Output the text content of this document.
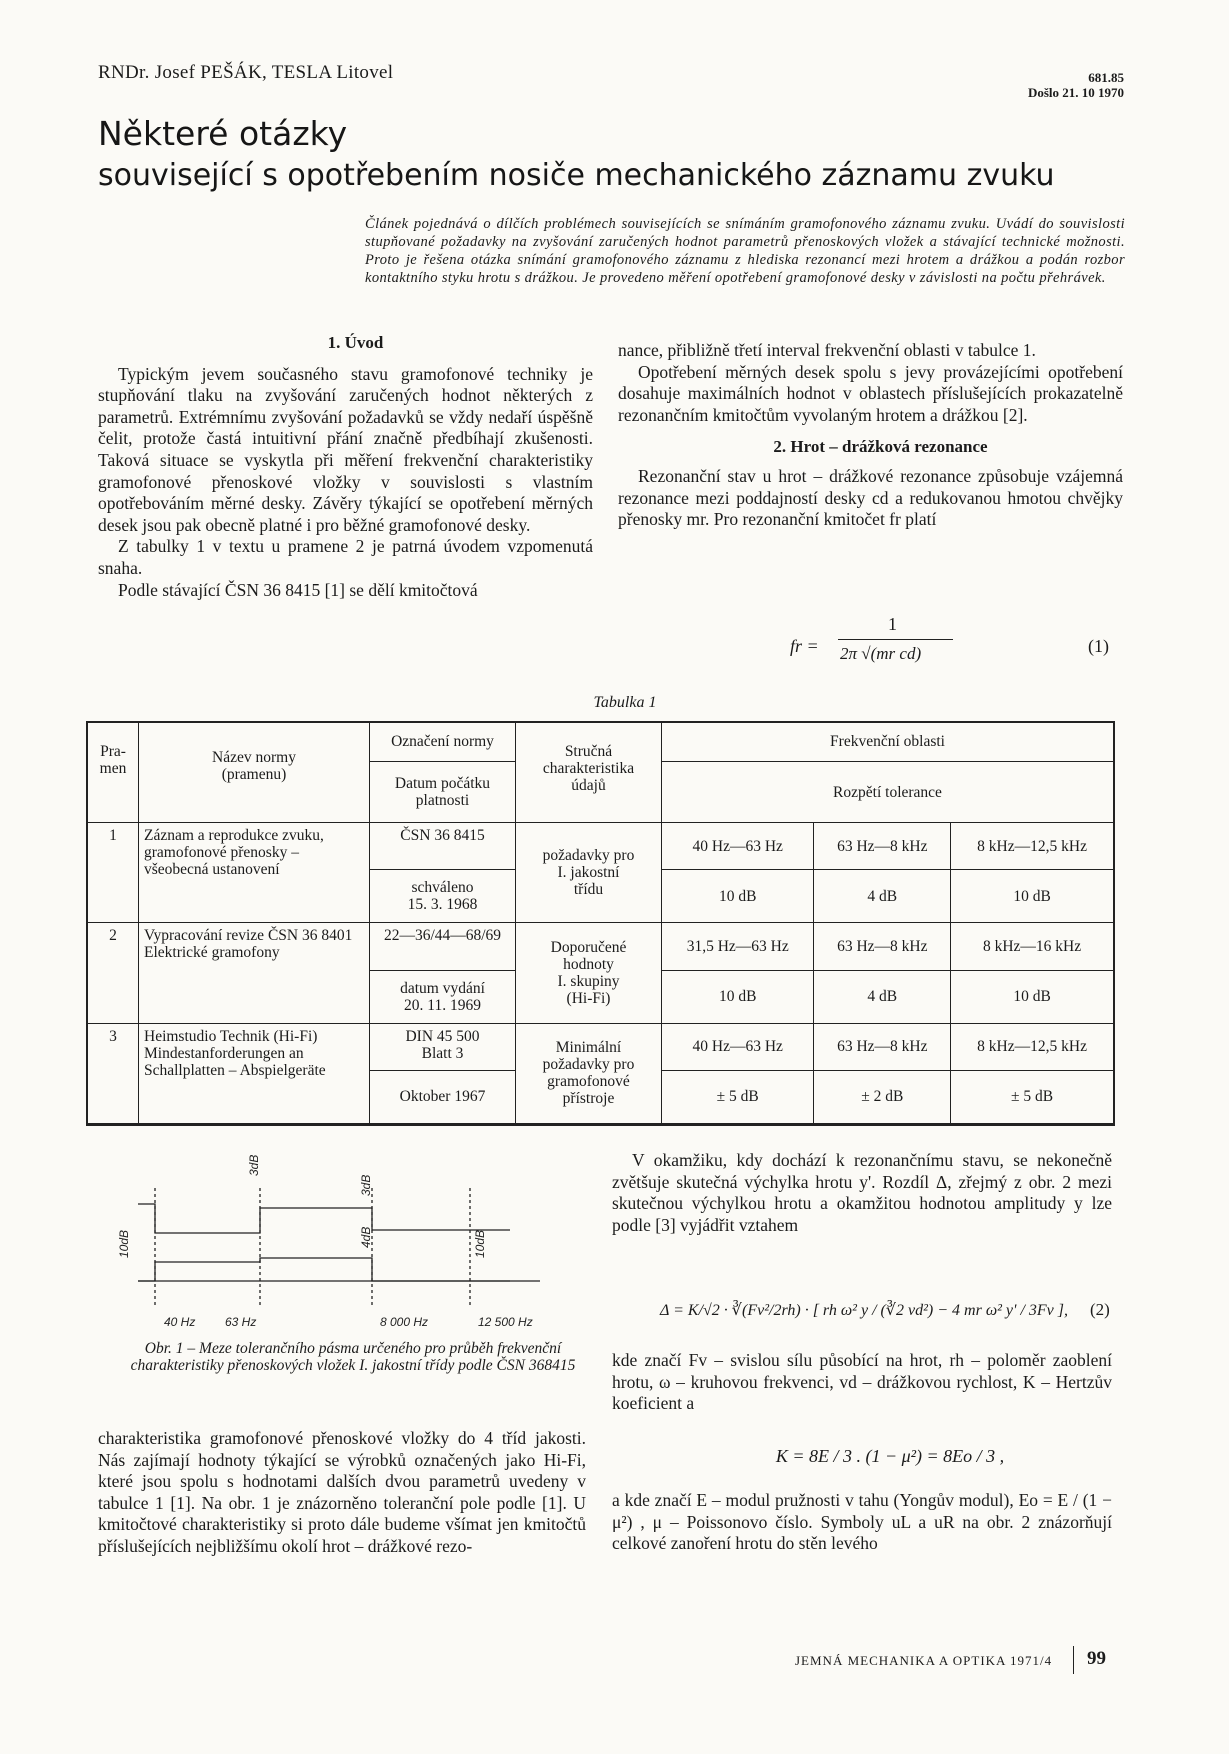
RNDr. Josef PEŠÁK, TESLA Litovel	681.85
Došlo 21. 10 1970
Některé otázky
související s opotřebením nosiče mechanického záznamu zvuku
Článek pojednává o dílčích problémech souvisejících se snímáním gramofonového záznamu zvuku. Uvádí do souvislosti stupňované požadavky na zvyšování zaručených hodnot parametrů přenoskových vložek a stávající technické možnosti. Proto je řešena otázka snímání gramofonového záznamu z hlediska rezonancí mezi hrotem a drážkou a podán rozbor kontaktního styku hrotu s drážkou. Je provedeno měření opotřebení gramofonové desky v závislosti na počtu přehrávek.

1. Úvod

Typickým jevem současného stavu gramofonové techniky je stupňování tlaku na zvyšování zaručených hodnot některých z parametrů. Extrémnímu zvyšování požadavků se vždy nedaří úspěšně čelit, protože častá intuitivní přání značně předbíhají zkušenosti. Taková situace se vyskytla při měření frekvenční charakteristiky gramofonové přenoskové vložky v souvislosti s vlastním opotřebováním měrné desky. Závěry týkající se opotřebení měrných desek jsou pak obecně platné i pro běžné gramofonové desky.

Z tabulky 1 v textu u pramene 2 je patrná úvodem vzpomenutá snaha.

Podle stávající ČSN 36 8415 [1] se dělí kmitočtová

nance, přibližně třetí interval frekvenční oblasti v tabulce 1.

Opotřebení měrných desek spolu s jevy provázejícími opotřebení dosahuje maximálních hodnot v oblastech příslušejících prokazatelně rezonančním kmitočtům vyvolaným hrotem a drážkou [2].

2. Hrot – drážková rezonance

Rezonanční stav u hrot – drážkové rezonance způsobuje vzájemná rezonance mezi poddajností desky cd a redukovanou hmotou chvějky přenosky mr. Pro rezonanční kmitočet fr platí

fr =
1
2π √(mr cd)	(1)
Tabulka 1
Pra-
men	Název normy
(pramenu)	Označení normy	Stručná
charakteristika
údajů	Frekvenční oblasti		
		Datum počátku
platnosti		Rozpětí tolerance		
1	Záznam a reprodukce zvuku, gramofonové přenosky – všeobecná ustanovení	ČSN 36 8415	požadavky pro
I. jakostní
třídu	40 Hz—63 Hz	63 Hz—8 kHz	8 kHz—12,5 kHz
		schváleno
15. 3. 1968		10 dB	4 dB	10 dB
2	Vypracování revize ČSN 36 8401 Elektrické gramofony	22—36/44—68/69	Doporučené
hodnoty
I. skupiny
(Hi-Fi)	31,5 Hz—63 Hz	63 Hz—8 kHz	8 kHz—16 kHz
		datum vydání
20. 11. 1969		10 dB	4 dB	10 dB
3	Heimstudio Technik (Hi-Fi) Mindestanforderungen an Schallplatten – Abspielgeräte	DIN 45 500
Blatt 3	Minimální požadavky pro
gramofonové
přístroje	40 Hz—63 Hz	63 Hz—8 kHz	8 kHz—12,5 kHz
		Oktober 1967		± 5 dB	± 2 dB	± 5 dB
3dB
3dB
4dB
10dB	10dB
40 Hz 63 Hz	8 000 Hz	12 500 Hz
Obr. 1 – Meze tolerančního pásma určeného pro průběh frekvenční charakteristiky přenoskových vložek I. jakostní třídy podle ČSN 368415

charakteristika gramofonové přenoskové vložky do 4 tříd jakosti. Nás zajímají hodnoty týkající se výrobků označených jako Hi-Fi, které jsou spolu s hodnotami dalších dvou parametrů uvedeny v tabulce 1 [1]. Na obr. 1 je znázorněno toleranční pole podle [1]. U kmitočtové charakteristiky si proto dále budeme všímat jen kmitočtů příslušejících nejbližšímu okolí hrot – drážkové rezo-

V okamžiku, kdy dochází k rezonančnímu stavu, se nekonečně zvětšuje skutečná výchylka hrotu y'. Rozdíl Δ, zřejmý z obr. 2 mezi skutečnou výchylkou hrotu a okamžitou hodnotou amplitudy y lze podle [3] vyjádřit vztahem

Δ = K/√2 · ∛(Fv²/2rh) · [ rh ω² y / (∛2 vd²) − 4 mr ω² y' / 3Fv ],	(2)

kde značí Fv – svislou sílu působící na hrot, rh – poloměr zaoblení hrotu, ω – kruhovou frekvenci, vd – drážkovou rychlost, K – Hertzův koeficient a

K = 8E / 3 . (1 − μ²) = 8Eo / 3 ,

a kde značí E – modul pružnosti v tahu (Yongův modul), Eo = E / (1 − μ²) , μ – Poissonovo číslo. Symboly uL a uR na obr. 2 znázorňují celkové zanoření hrotu do stěn levého

JEMNÁ MECHANIKA A OPTIKA 1971/4 99
